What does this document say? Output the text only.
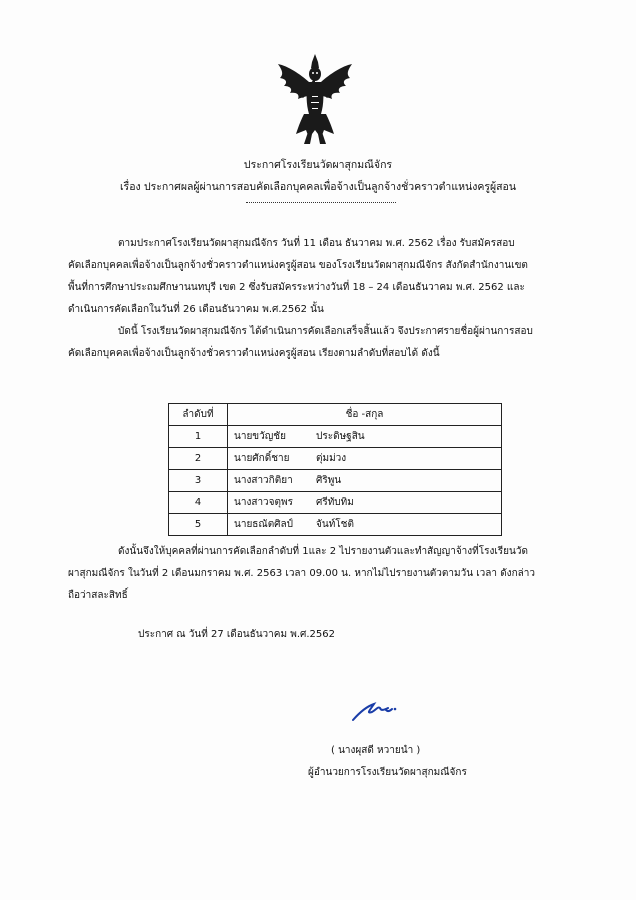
ประกาศโรงเรียนวัดผาสุกมณีจักร
เรื่อง ประกาศผลผู้ผ่านการสอบคัดเลือกบุคคลเพื่อจ้างเป็นลูกจ้างชั่วคราวตำแหน่งครูผู้สอน
ตามประกาศโรงเรียนวัดผาสุกมณีจักร วันที่ 11 เดือน ธันวาคม พ.ศ. 2562 เรื่อง รับสมัครสอบ
คัดเลือกบุคคลเพื่อจ้างเป็นลูกจ้างชั่วคราวตำแหน่งครูผู้สอน ของโรงเรียนวัดผาสุกมณีจักร สังกัดสำนักงานเขต
พื้นที่การศึกษาประถมศึกษานนทบุรี เขต 2 ซึ่งรับสมัครระหว่างวันที่ 18 – 24 เดือนธันวาคม พ.ศ. 2562 และ
ดำเนินการคัดเลือกในวันที่ 26 เดือนธันวาคม พ.ศ.2562 นั้น
บัดนี้ โรงเรียนวัดผาสุกมณีจักร ได้ดำเนินการคัดเลือกเสร็จสิ้นแล้ว จึงประกาศรายชื่อผู้ผ่านการสอบ
คัดเลือกบุคคลเพื่อจ้างเป็นลูกจ้างชั่วคราวตำแหน่งครูผู้สอน เรียงตามลำดับที่สอบได้ ดังนี้
ลำดับที่	ชื่อ -สกุล
1	นายขวัญชัย ประดิษฐสิน
2	นายศักดิ์ชาย ตุ่มม่วง
3	นางสาวกิติยา ศิริพูน
4	นางสาวจตุพร ศรีทับทิม
5	นายธณัตศิลป์ จันท์โชติ
ดังนั้นจึงให้บุคคลที่ผ่านการคัดเลือกลำดับที่ 1และ 2 ไปรายงานตัวและทำสัญญาจ้างที่โรงเรียนวัด
ผาสุกมณีจักร ในวันที่ 2 เดือนมกราคม พ.ศ. 2563 เวลา 09.00 น. หากไม่ไปรายงานตัวตามวัน เวลา ดังกล่าว
ถือว่าสละสิทธิ์
ประกาศ ณ วันที่ 27 เดือนธันวาคม พ.ศ.2562
( นางผุสดี หวายนำ )
ผู้อำนวยการโรงเรียนวัดผาสุกมณีจักร
